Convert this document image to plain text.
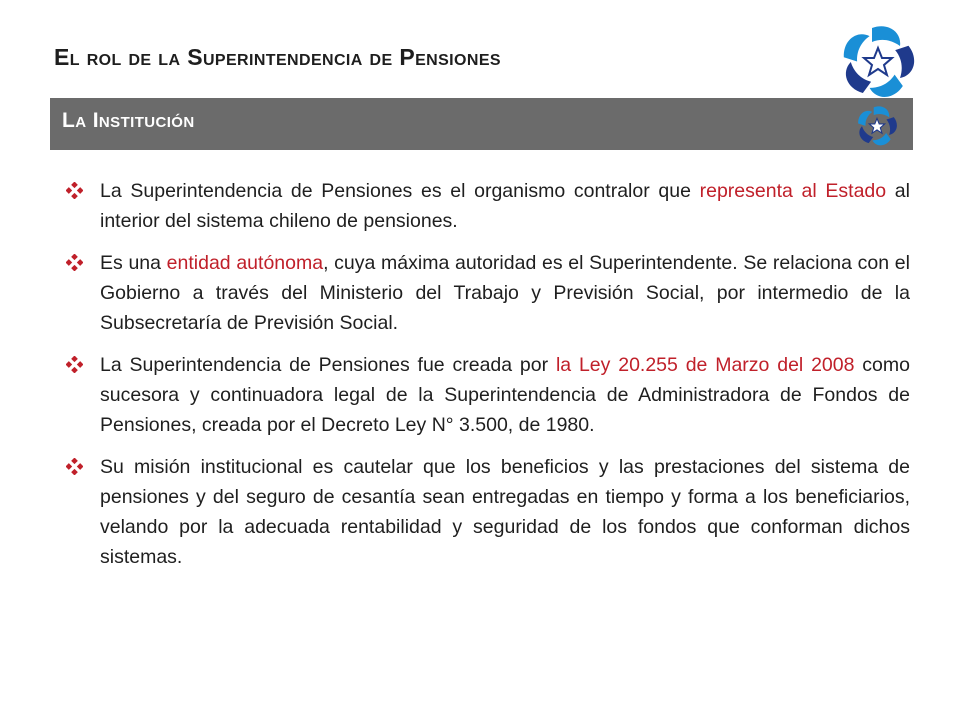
El rol de la Superintendencia de Pensiones
La Institución
La Superintendencia de Pensiones es el organismo contralor que representa al Estado al interior del sistema chileno de pensiones.
Es una entidad autónoma, cuya máxima autoridad es el Superintendente. Se relaciona con el Gobierno a través del Ministerio del Trabajo y Previsión Social, por intermedio de la Subsecretaría de Previsión Social.
La Superintendencia de Pensiones fue creada por la Ley 20.255 de Marzo del 2008 como sucesora y continuadora legal de la Superintendencia de Administradora de Fondos de Pensiones, creada por el Decreto Ley N° 3.500, de 1980.
Su misión institucional es cautelar que los beneficios y las prestaciones del sistema de pensiones y del seguro de cesantía sean entregadas en tiempo y forma a los beneficiarios, velando por la adecuada rentabilidad y seguridad de los fondos que conforman dichos sistemas.
